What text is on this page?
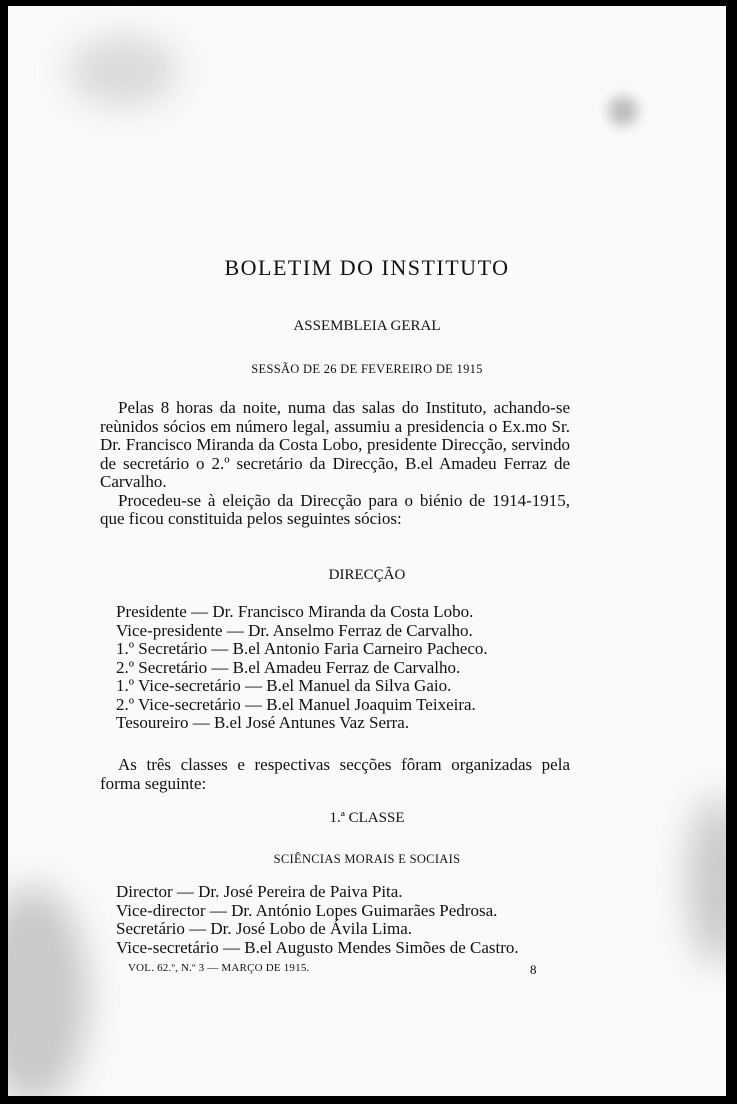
BOLETIM DO INSTITUTO
ASSEMBLEIA GERAL
SESSÃO DE 26 DE FEVEREIRO DE 1915

Pelas 8 horas da noite, numa das salas do Instituto, achando-se reùnidos sócios em número legal, assumiu a presidencia o Ex.mo Sr. Dr. Francisco Miranda da Costa Lobo, presidente Direcção, servindo de secretário o 2.º secretário da Direcção, B.el Amadeu Ferraz de Carvalho.

Procedeu-se à eleição da Direcção para o biénio de 1914-1915, que ficou constituida pelos seguintes sócios:

DIRECÇÃO
Presidente — Dr. Francisco Miranda da Costa Lobo.
Vice-presidente — Dr. Anselmo Ferraz de Carvalho.
1.º Secretário — B.el Antonio Faria Carneiro Pacheco.
2.º Secretário — B.el Amadeu Ferraz de Carvalho.
1.º Vice-secretário — B.el Manuel da Silva Gaio.
2.º Vice-secretário — B.el Manuel Joaquim Teixeira.
Tesoureiro — B.el José Antunes Vaz Serra.

As três classes e respectivas secções fôram organizadas pela forma seguinte:

1.ª CLASSE
SCIÊNCIAS MORAIS E SOCIAIS
Director — Dr. José Pereira de Paiva Pita.
Vice-director — Dr. António Lopes Guimarães Pedrosa.
Secretário — Dr. José Lobo de Ávila Lima.
Vice-secretário — B.el Augusto Mendes Simões de Castro.
VOL. 62.º, N.º 3 — MARÇO DE 1915.	8
